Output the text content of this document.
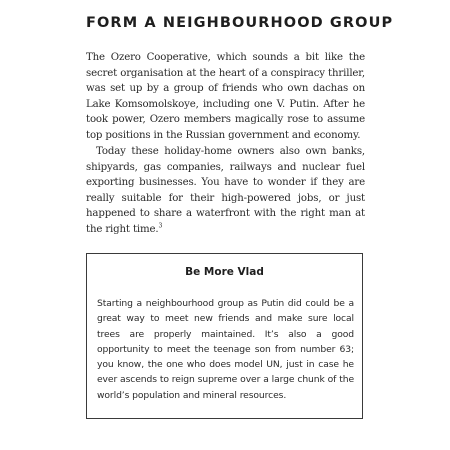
FORM A NEIGHBOURHOOD GROUP

The Ozero Cooperative, which sounds a bit like the secret organisation at the heart of a conspiracy thriller, was set up by a group of friends who own dachas on Lake Komsomolskoye, including one V. Putin. After he took power, Ozero members magically rose to assume top positions in the Russian government and economy.

Today these holiday-home owners also own banks, shipyards, gas companies, railways and nuclear fuel exporting businesses. You have to wonder if they are really suitable for their high-powered jobs, or just happened to share a waterfront with the right man at the right time.$^3$

Be More Vlad

Starting a neighbourhood group as Putin did could be a great way to meet new friends and make sure local trees are properly maintained. It’s also a good opportunity to meet the teenage son from number 63; you know, the one who does model UN, just in case he ever ascends to reign supreme over a large chunk of the world’s population and mineral resources.
